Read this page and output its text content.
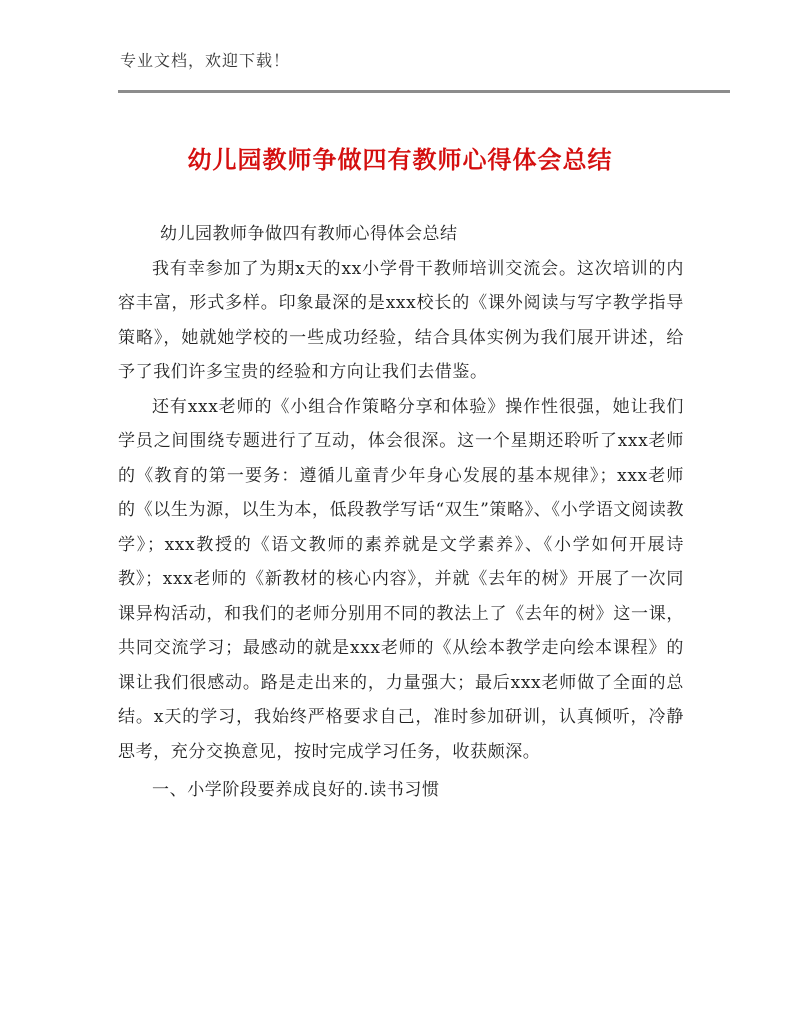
专业文档，欢迎下载！
幼儿园教师争做四有教师心得体会总结

幼儿园教师争做四有教师心得体会总结

我有幸参加了为期x天的xx小学骨干教师培训交流会。这次培训的内容丰富，形式多样。印象最深的是xxx校长的《课外阅读与写字教学指导策略》，她就她学校的一些成功经验，结合具体实例为我们展开讲述，给予了我们许多宝贵的经验和方向让我们去借鉴。

还有xxx老师的《小组合作策略分享和体验》操作性很强，她让我们学员之间围绕专题进行了互动，体会很深。这一个星期还聆听了xxx老师的《教育的第一要务：遵循儿童青少年身心发展的基本规律》；xxx老师的《以生为源，以生为本，低段教学写话“双生”策略》、《小学语文阅读教学》；xxx教授的《语文教师的素养就是文学素养》、《小学如何开展诗教》；xxx老师的《新教材的核心内容》，并就《去年的树》开展了一次同课异构活动，和我们的老师分别用不同的教法上了《去年的树》这一课，共同交流学习；最感动的就是xxx老师的《从绘本教学走向绘本课程》的课让我们很感动。路是走出来的，力量强大；最后xxx老师做了全面的总结。x天的学习，我始终严格要求自己，准时参加研训，认真倾听，冷静思考，充分交换意见，按时完成学习任务，收获颇深。

一、小学阶段要养成良好的.读书习惯
